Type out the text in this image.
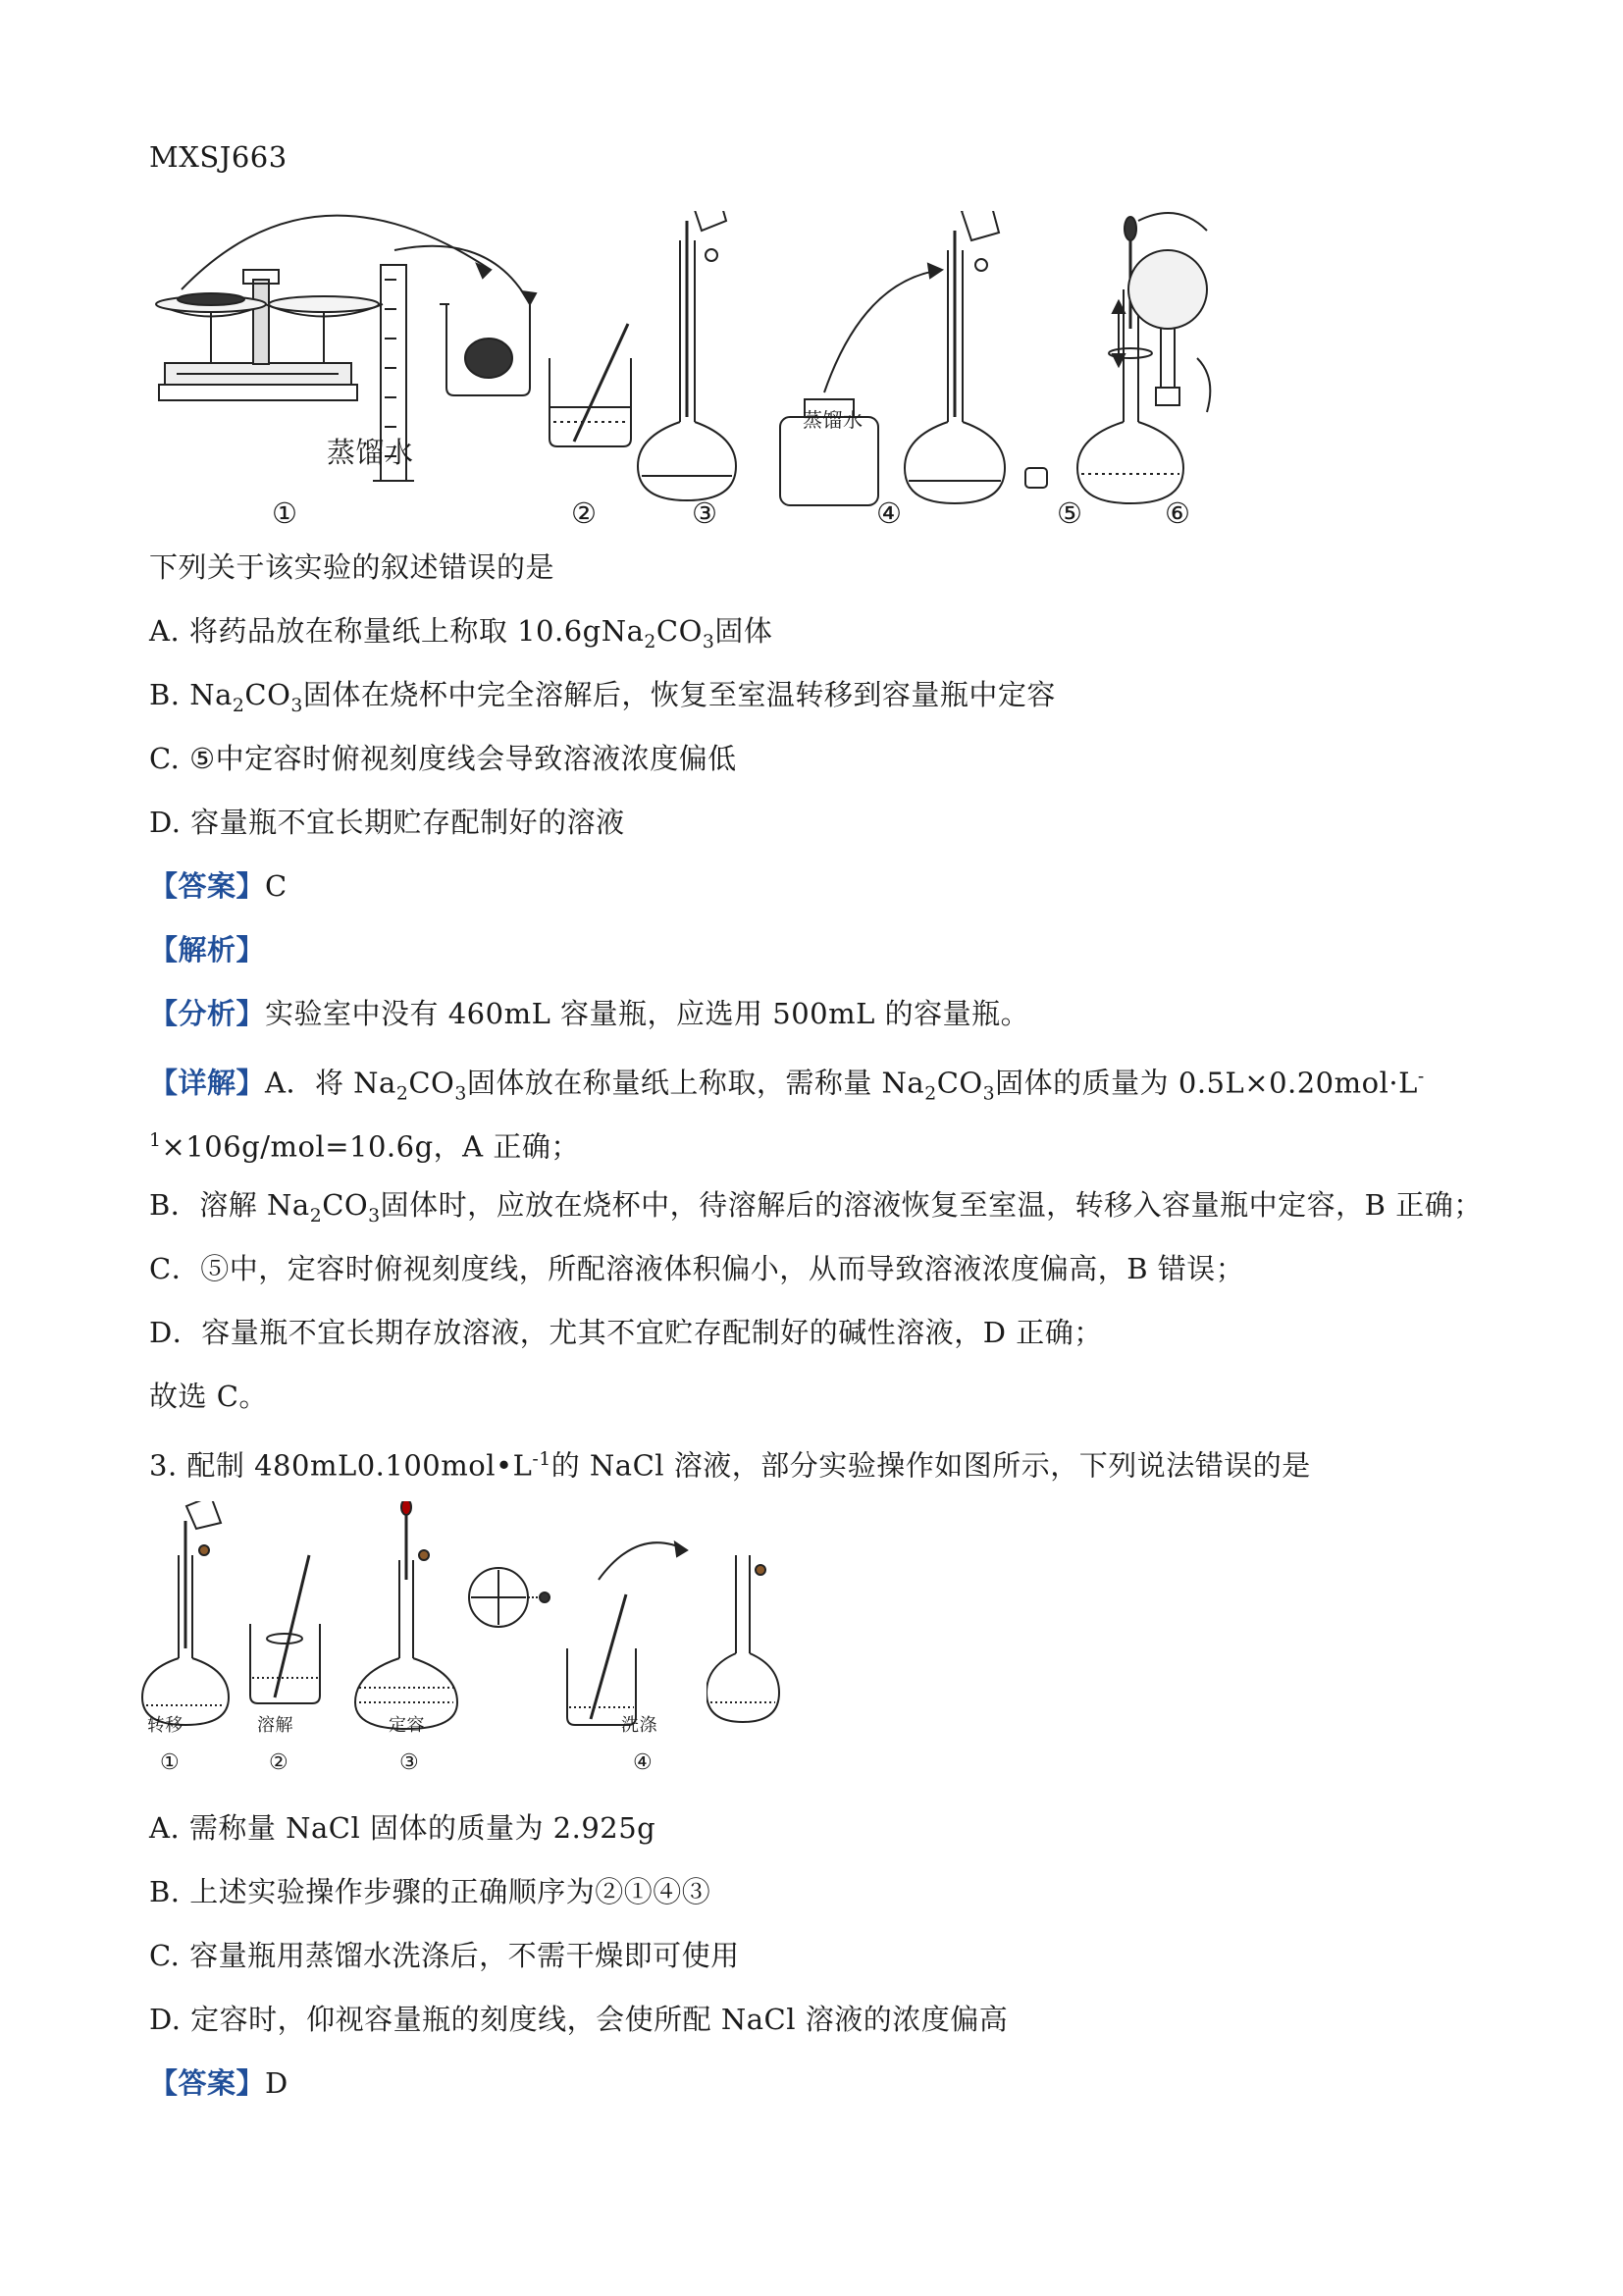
MXSJ663
蒸馏水
蒸馏水
①	②	③	④	⑤	⑥
下列关于该实验的叙述错误的是
A. 将药品放在称量纸上称取 $10.6gNa_2CO_3$固体
B. $Na_2CO_3$固体在烧杯中完全溶解后，恢复至室温转移到容量瓶中定容
C. ⑤中定容时俯视刻度线会导致溶液浓度偏低
D. 容量瓶不宜长期贮存配制好的溶液
【答案】C
【解析】
【分析】实验室中没有 460mL 容量瓶，应选用 500mL 的容量瓶。
【详解】A．将 $Na_2CO_3$固体放在称量纸上称取，需称量 $Na_2CO_3$固体的质量为 0.5L×0.20mol·L-
$^1$×106g/mol=10.6g，A 正确；
B．溶解 $Na_2CO_3$固体时，应放在烧杯中，待溶解后的溶液恢复至室温，转移入容量瓶中定容，B 正确；
C．⑤中，定容时俯视刻度线，所配溶液体积偏小，从而导致溶液浓度偏高，B 错误；
D．容量瓶不宜长期存放溶液，尤其不宜贮存配制好的碱性溶液，D 正确；
故选 C。
3. 配制 $480mL0.100mol•L^{-1}$的 NaCl 溶液，部分实验操作如图所示，下列说法错误的是
转移	溶解	定容	洗涤
①	②	③	④
A. 需称量 NaCl 固体的质量为 2.925g
B. 上述实验操作步骤的正确顺序为②①④③
C. 容量瓶用蒸馏水洗涤后，不需干燥即可使用
D. 定容时，仰视容量瓶的刻度线，会使所配 NaCl 溶液的浓度偏高
【答案】D
